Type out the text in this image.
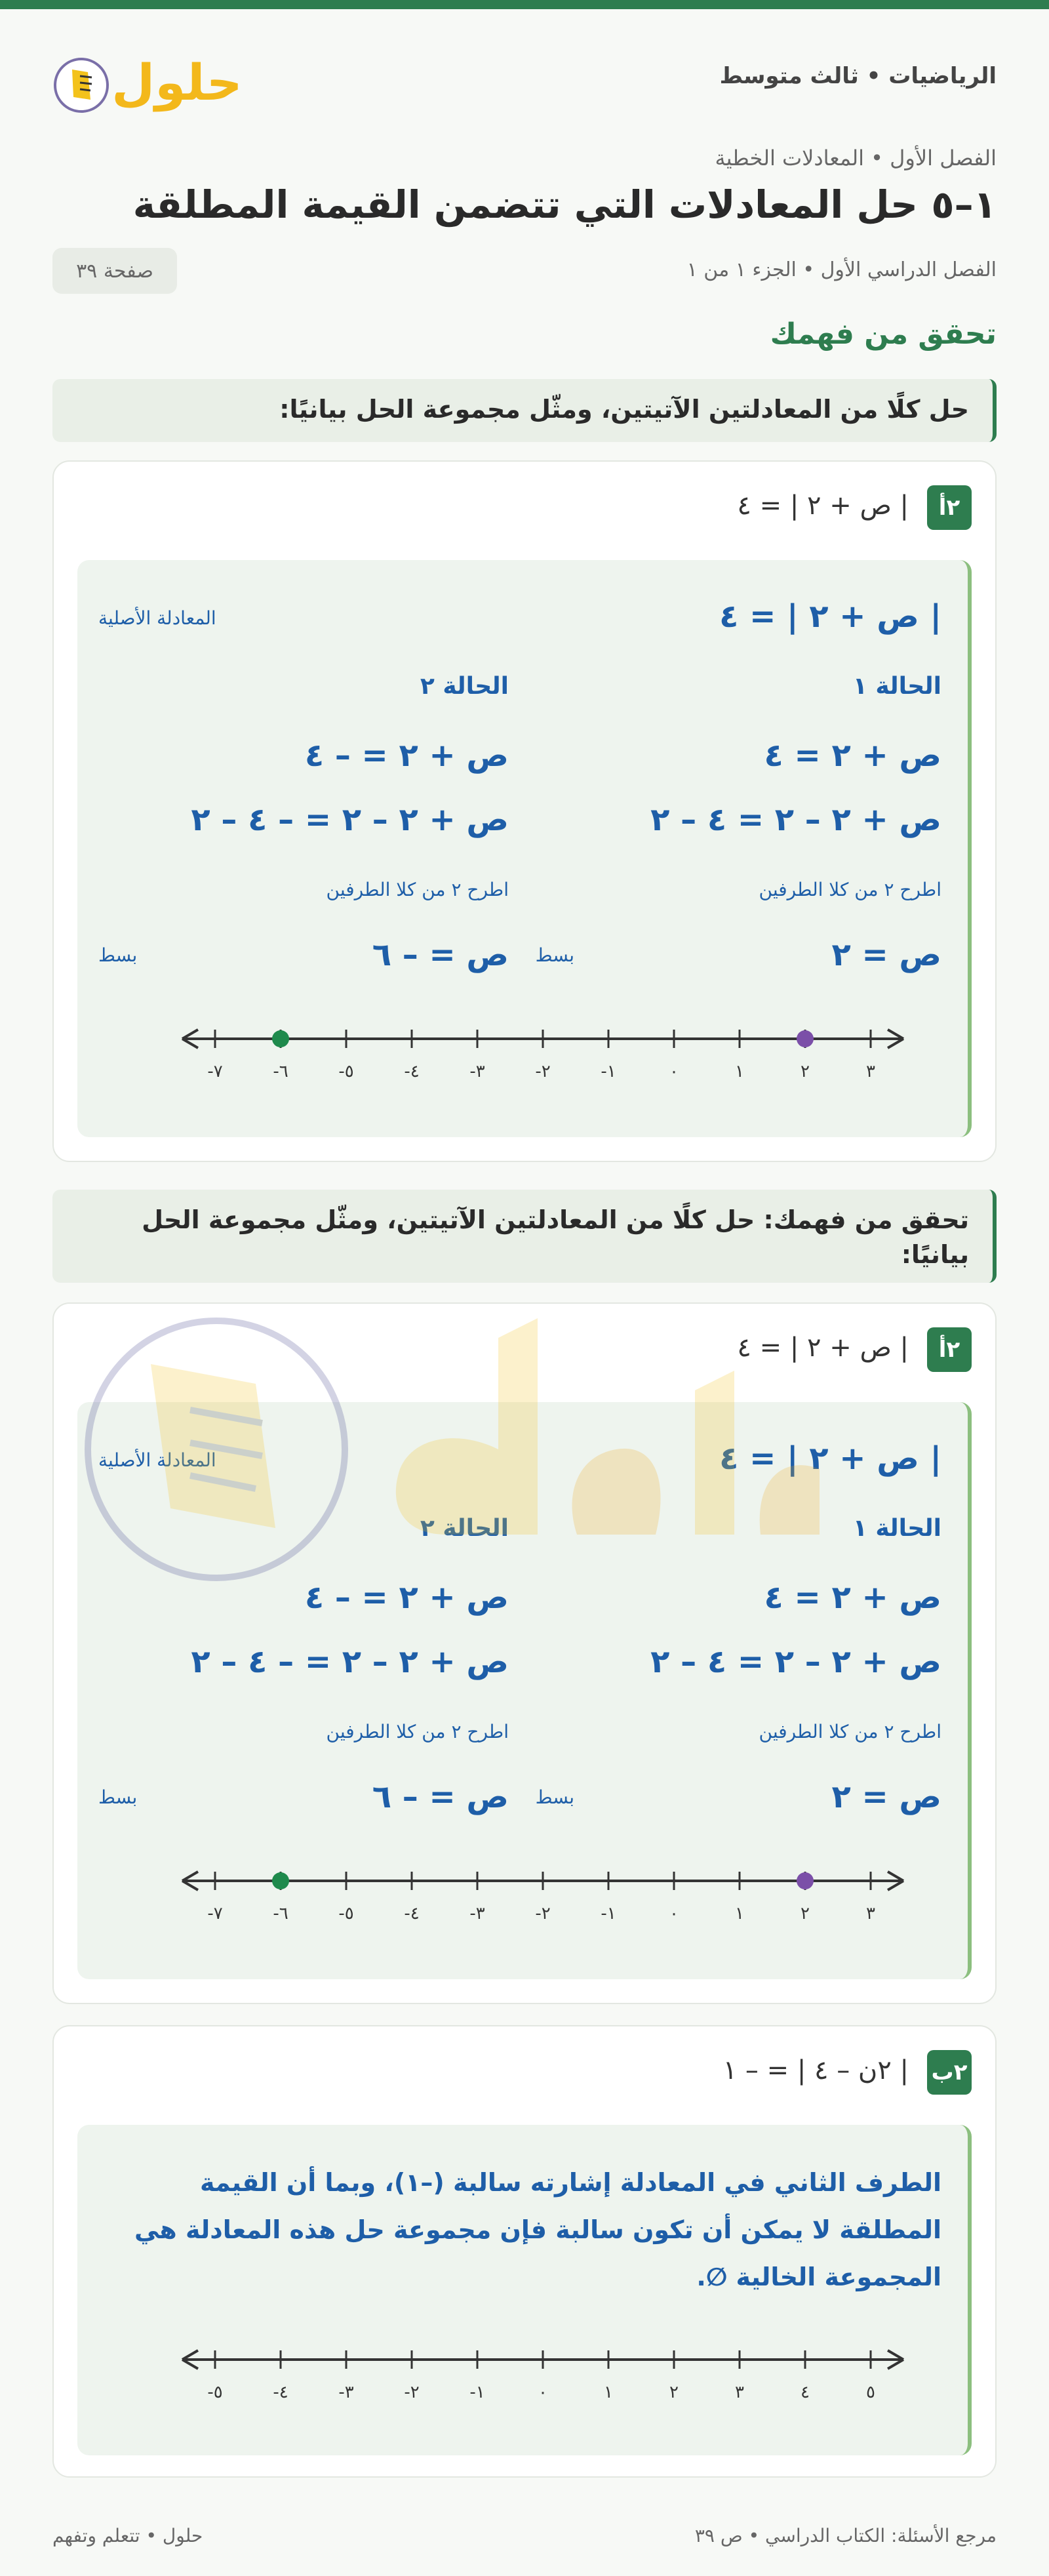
الرياضيات • ثالث متوسط
حلول
الفصل الأول • المعادلات الخطية
١–٥ حل المعادلات التي تتضمن القيمة المطلقة
الفصل الدراسي الأول • الجزء ١ من ١
صفحة ٣٩
تحقق من فهمك
حل كلًا من المعادلتين الآتيتين، ومثّل مجموعة الحل بيانيًا:
٢أ
| ص + ٢ | = ٤
| ص + ٢ | = ٤
المعادلة الأصلية
الحالة ١
الحالة ٢
ص + ٢ = ٤
ص + ٢ = – ٤
ص + ٢ – ٢ = ٤ – ٢
ص + ٢ – ٢ = – ٤ – ٢
اطرح ٢ من كلا الطرفين
اطرح ٢ من كلا الطرفين
ص = ٢
بسط
ص = – ٦
بسط
-٧	-٦	-٥	-٤	-٣	-٢	-١	٠	١	٢	٣
تحقق من فهمك: حل كلًا من المعادلتين الآتيتين، ومثّل مجموعة الحل بيانيًا:
٢أ
| ص + ٢ | = ٤
| ص + ٢ | = ٤
المعادلة الأصلية
الحالة ١
الحالة ٢
ص + ٢ = ٤
ص + ٢ = – ٤
ص + ٢ – ٢ = ٤ – ٢
ص + ٢ – ٢ = – ٤ – ٢
اطرح ٢ من كلا الطرفين
اطرح ٢ من كلا الطرفين
ص = ٢
بسط
ص = – ٦
بسط
-٧	-٦	-٥	-٤	-٣	-٢	-١	٠	١	٢	٣
٢ب
| ٢ن – ٤ | = – ١
الطرف الثاني في المعادلة إشارته سالبة (–١)، وبما أن القيمة المطلقة لا يمكن أن تكون سالبة فإن مجموعة حل هذه المعادلة هي المجموعة الخالية ∅.
-٥	-٤	-٣	-٢	-١	٠	١	٢	٣	٤	٥
مرجع الأسئلة: الكتاب الدراسي • ص ٣٩
حلول • تتعلم وتفهم
